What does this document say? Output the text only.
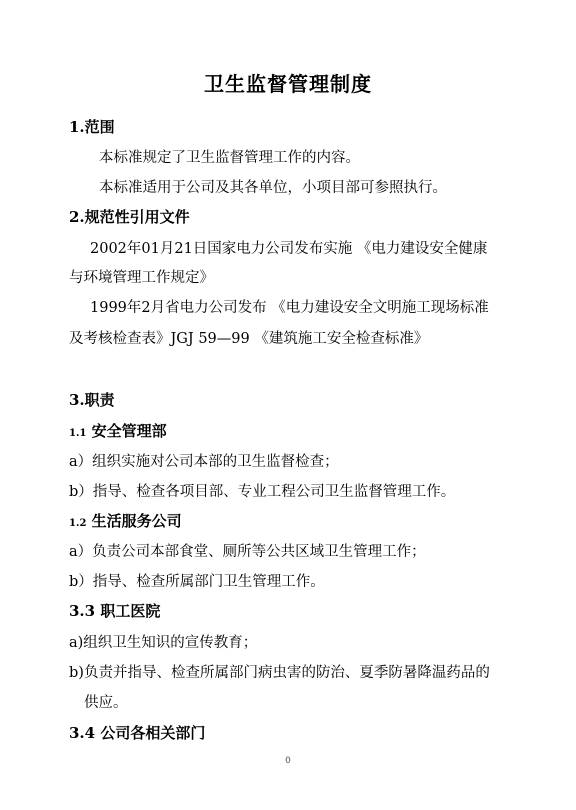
卫生监督管理制度
1.范围
本标准规定了卫生监督管理工作的内容。
本标准适用于公司及其各单位，小项目部可参照执行。
2.规范性引用文件
2002年01月21日国家电力公司发布实施 《电力建设安全健康
与环境管理工作规定》
1999年2月省电力公司发布 《电力建设安全文明施工现场标准
及考核检查表》JGJ 59—99 《建筑施工安全检查标准》
3.职责
1.1 安全管理部
a）组织实施对公司本部的卫生监督检查；
b）指导、检查各项目部、专业工程公司卫生监督管理工作。
1.2 生活服务公司
a）负责公司本部食堂、厕所等公共区域卫生管理工作；
b）指导、检查所属部门卫生管理工作。
3.3 职工医院
a)组织卫生知识的宣传教育；
b)负责并指导、检查所属部门病虫害的防治、夏季防暑降温药品的
供应。
3.4 公司各相关部门
0
